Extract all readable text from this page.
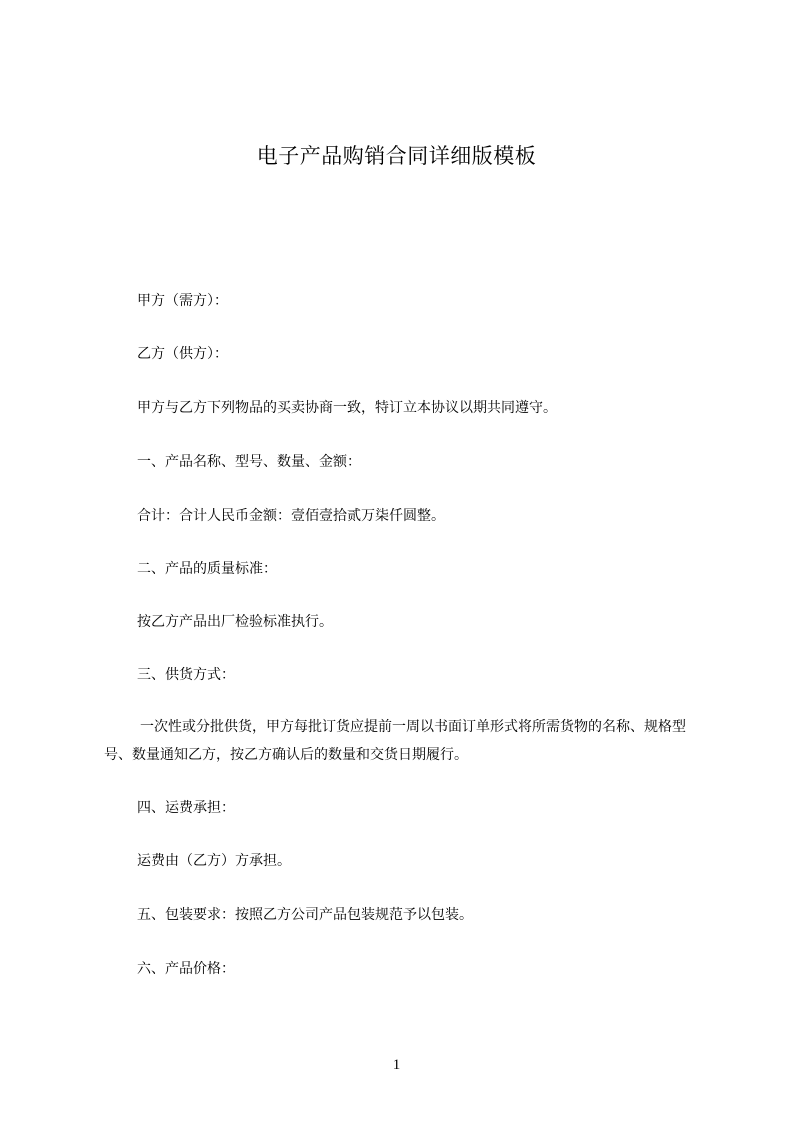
电子产品购销合同详细版模板
甲方（需方）：
乙方（供方）：
甲方与乙方下列物品的买卖协商一致，特订立本协议以期共同遵守。
一、产品名称、型号、数量、金额：
合计：合计人民币金额：壹佰壹拾贰万柒仟圆整。
二、产品的质量标准：
按乙方产品出厂检验标准执行。
三、供货方式：
一次性或分批供货，甲方每批订货应提前一周以书面订单形式将所需货物的名称、规格型号、数量通知乙方，按乙方确认后的数量和交货日期履行。
四、运费承担：
运费由（乙方）方承担。
五、包装要求：按照乙方公司产品包装规范予以包装。
六、产品价格：
1
